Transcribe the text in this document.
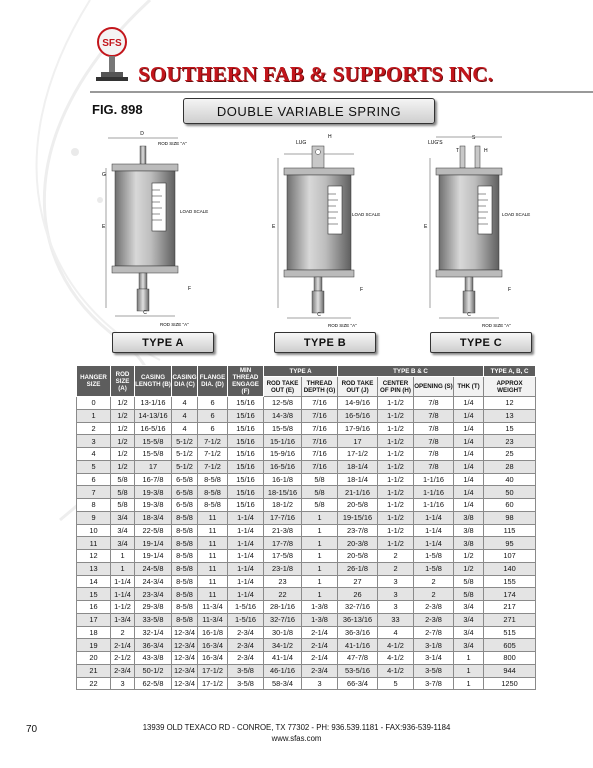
SFS
SOUTHERN FAB & SUPPORTS INC.
FIG. 898	DOUBLE VARIABLE SPRING
D
ROD SIZE "A"
LOAD SCALE
G
E
F
C
ROD SIZE "A"
LUG
H
LOAD SCALE
E
F
C
ROD SIZE "A"
LUG'S
S
T	H
LOAD SCALE
E
F
C
ROD SIZE "A"
TYPE A	TYPE B	TYPE C
HANGER SIZE	ROD SIZE (A)	CASING LENGTH (B)	CASING DIA (C)	FLANGE DIA. (D)	MIN THREAD ENGAGE (F)	TYPE A		TYPE B & C				TYPE A, B, C
						ROD TAKE OUT (E)	THREAD DEPTH (G)	ROD TAKE OUT (J)	CENTER OF PIN (H)	OPENING (S)	THK (T)	APPROX WEIGHT
0	1/2	13-1/16	4	6	15/16	12-5/8	7/16	14-9/16	1-1/2	7/8	1/4	12
1	1/2	14-13/16	4	6	15/16	14-3/8	7/16	16-5/16	1-1/2	7/8	1/4	13
2	1/2	16-5/16	4	6	15/16	15-5/8	7/16	17-9/16	1-1/2	7/8	1/4	15
3	1/2	15-5/8	5-1/2	7-1/2	15/16	15-1/16	7/16	17	1-1/2	7/8	1/4	23
4	1/2	15-5/8	5-1/2	7-1/2	15/16	15-9/16	7/16	17-1/2	1-1/2	7/8	1/4	25
5	1/2	17	5-1/2	7-1/2	15/16	16-5/16	7/16	18-1/4	1-1/2	7/8	1/4	28
6	5/8	16-7/8	6-5/8	8-5/8	15/16	16-1/8	5/8	18-1/4	1-1/2	1-1/16	1/4	40
7	5/8	19-3/8	6-5/8	8-5/8	15/16	18-15/16	5/8	21-1/16	1-1/2	1-1/16	1/4	50
8	5/8	19-3/8	6-5/8	8-5/8	15/16	18-1/2	5/8	20-5/8	1-1/2	1-1/16	1/4	60
9	3/4	18-3/4	8-5/8	11	1-1/4	17-7/16	1	19-15/16	1-1/2	1-1/4	3/8	98
10	3/4	22-5/8	8-5/8	11	1-1/4	21-3/8	1	23-7/8	1-1/2	1-1/4	3/8	115
11	3/4	19-1/4	8-5/8	11	1-1/4	17-7/8	1	20-3/8	1-1/2	1-1/4	3/8	95
12	1	19-1/4	8-5/8	11	1-1/4	17-5/8	1	20-5/8	2	1-5/8	1/2	107
13	1	24-5/8	8-5/8	11	1-1/4	23-1/8	1	26-1/8	2	1-5/8	1/2	140
14	1-1/4	24-3/4	8-5/8	11	1-1/4	23	1	27	3	2	5/8	155
15	1-1/4	23-3/4	8-5/8	11	1-1/4	22	1	26	3	2	5/8	174
16	1-1/2	29-3/8	8-5/8	11-3/4	1-5/16	28-1/16	1-3/8	32-7/16	3	2-3/8	3/4	217
17	1-3/4	33-5/8	8-5/8	11-3/4	1-5/16	32-7/16	1-3/8	36-13/16	33	2-3/8	3/4	271
18	2	32-1/4	12-3/4	16-1/8	2-3/4	30-1/8	2-1/4	36-3/16	4	2-7/8	3/4	515
19	2-1/4	36-3/4	12-3/4	16-3/4	2-3/4	34-1/2	2-1/4	41-1/16	4-1/2	3-1/8	3/4	605
20	2-1/2	43-3/8	12-3/4	16-3/4	2-3/4	41-1/4	2-1/4	47-7/8	4-1/2	3-1/4	1	800
21	2-3/4	50-1/2	12-3/4	17-1/2	3-5/8	46-1/16	2-3/4	53-5/16	4-1/2	3-5/8	1	944
22	3	62-5/8	12-3/4	17-1/2	3-5/8	58-3/4	3	66-3/4	5	3-7/8	1	1250
70	13939 OLD TEXACO RD - CONROE, TX 77302 - PH: 936.539.1181 - FAX:936-539-1184
www.sfas.com
